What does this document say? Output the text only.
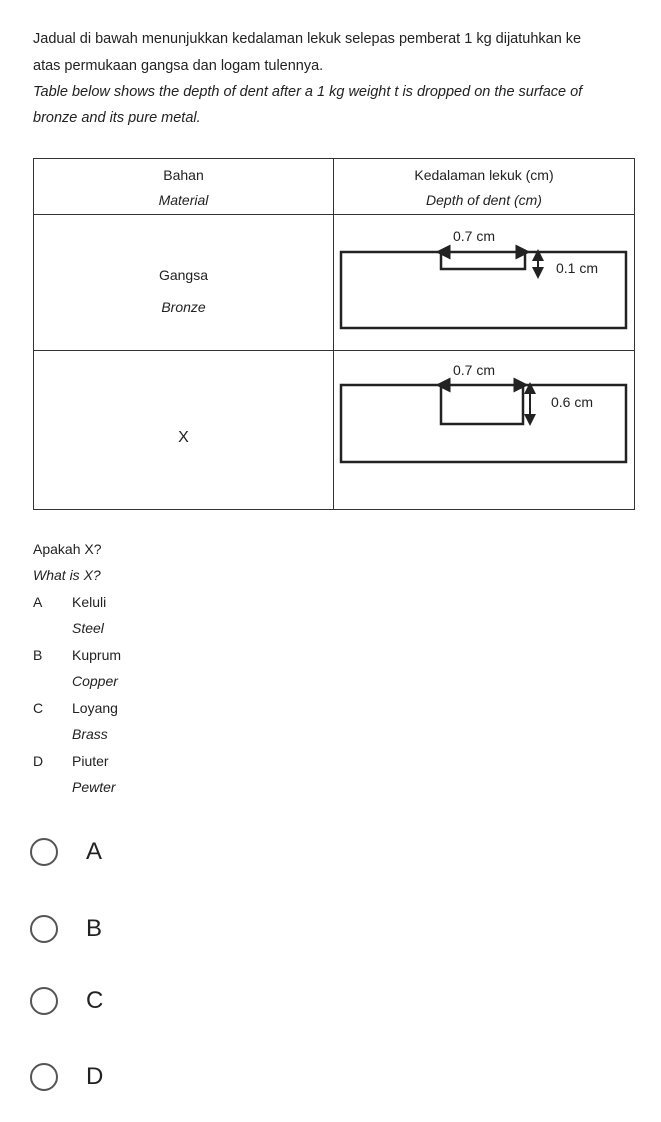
Jadual di bawah menunjukkan kedalaman lekuk selepas pemberat 1 kg dijatuhkan ke
atas permukaan gangsa dan logam tulennya.
Table below shows the depth of dent after a 1 kg weight t is dropped on the surface of
bronze and its pure metal.
Bahan
Material
Kedalaman lekuk (cm)
Depth of dent (cm)
Gangsa
Bronze
X
0.7 cm
0.1 cm
0.7 cm
0.6 cm
Apakah X?
What is X?
A Keluli
Steel
B Kuprum
Copper
C Loyang
Brass
D Piuter
Pewter
A
B
C
D
